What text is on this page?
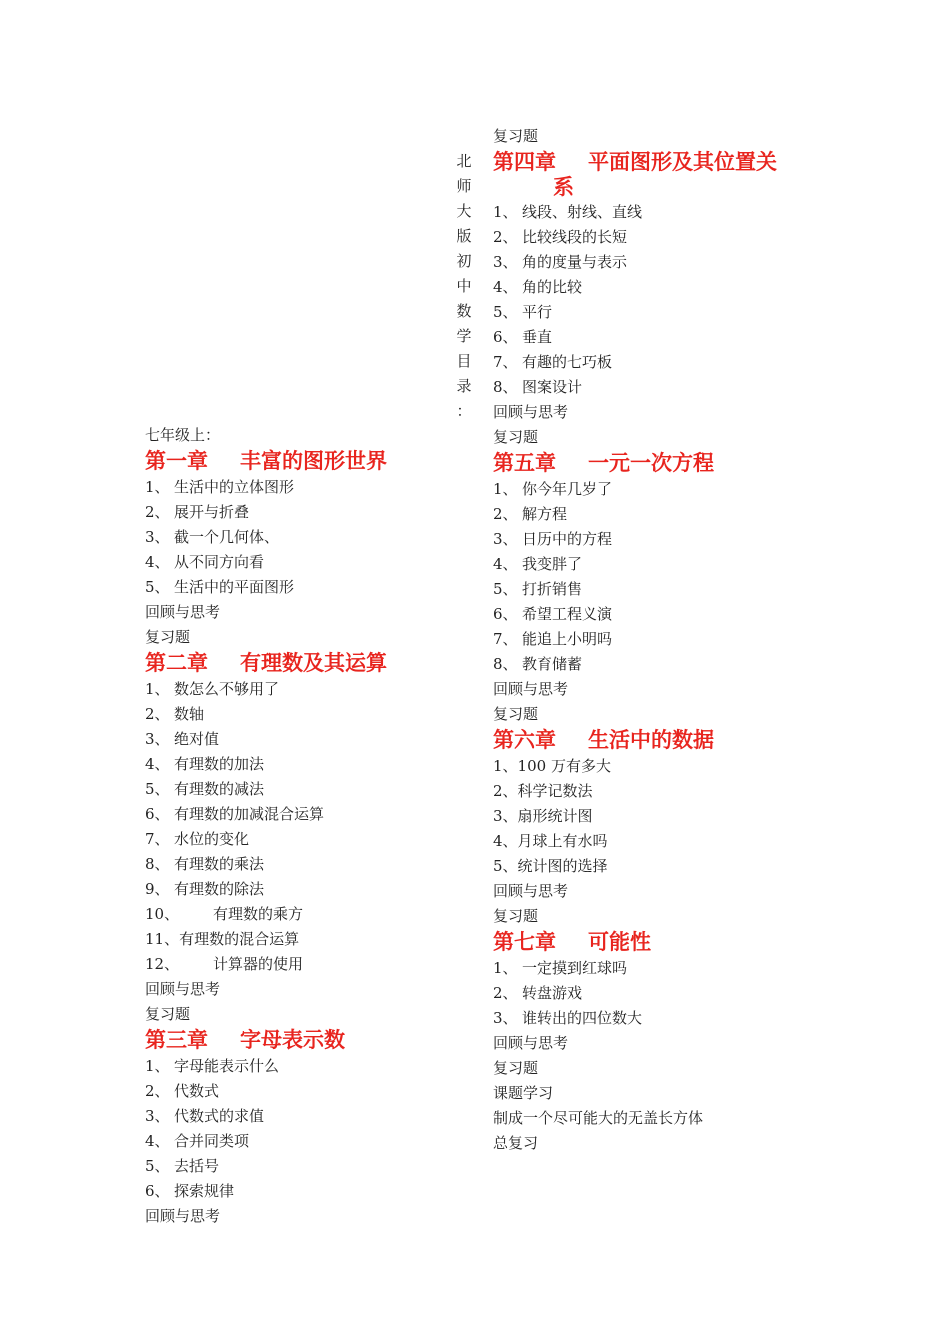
北
师
大
版
初
中
数
学
目
录
：
七年级上：
第一章 丰富的图形世界
1、 生活中的立体图形
2、 展开与折叠
3、 截一个几何体、
4、 从不同方向看
5、 生活中的平面图形
回顾与思考
复习题
第二章 有理数及其运算
1、 数怎么不够用了
2、 数轴
3、 绝对值
4、 有理数的加法
5、 有理数的减法
6、 有理数的加减混合运算
7、 水位的变化
8、 有理数的乘法
9、 有理数的除法
10、 有理数的乘方
11、有理数的混合运算
12、 计算器的使用
回顾与思考
复习题
第三章 字母表示数
1、 字母能表示什么
2、 代数式
3、 代数式的求值
4、 合并同类项
5、 去括号
6、 探索规律
回顾与思考
复习题
第四章 平面图形及其位置关
系
1、 线段、射线、直线
2、 比较线段的长短
3、 角的度量与表示
4、 角的比较
5、 平行
6、 垂直
7、 有趣的七巧板
8、 图案设计
回顾与思考
复习题
第五章 一元一次方程
1、 你今年几岁了
2、 解方程
3、 日历中的方程
4、 我变胖了
5、 打折销售
6、 希望工程义演
7、 能追上小明吗
8、 教育储蓄
回顾与思考
复习题
第六章 生活中的数据
1、100 万有多大
2、科学记数法
3、扇形统计图
4、月球上有水吗
5、统计图的选择
回顾与思考
复习题
第七章 可能性
1、 一定摸到红球吗
2、 转盘游戏
3、 谁转出的四位数大
回顾与思考
复习题
课题学习
制成一个尽可能大的无盖长方体
总复习
